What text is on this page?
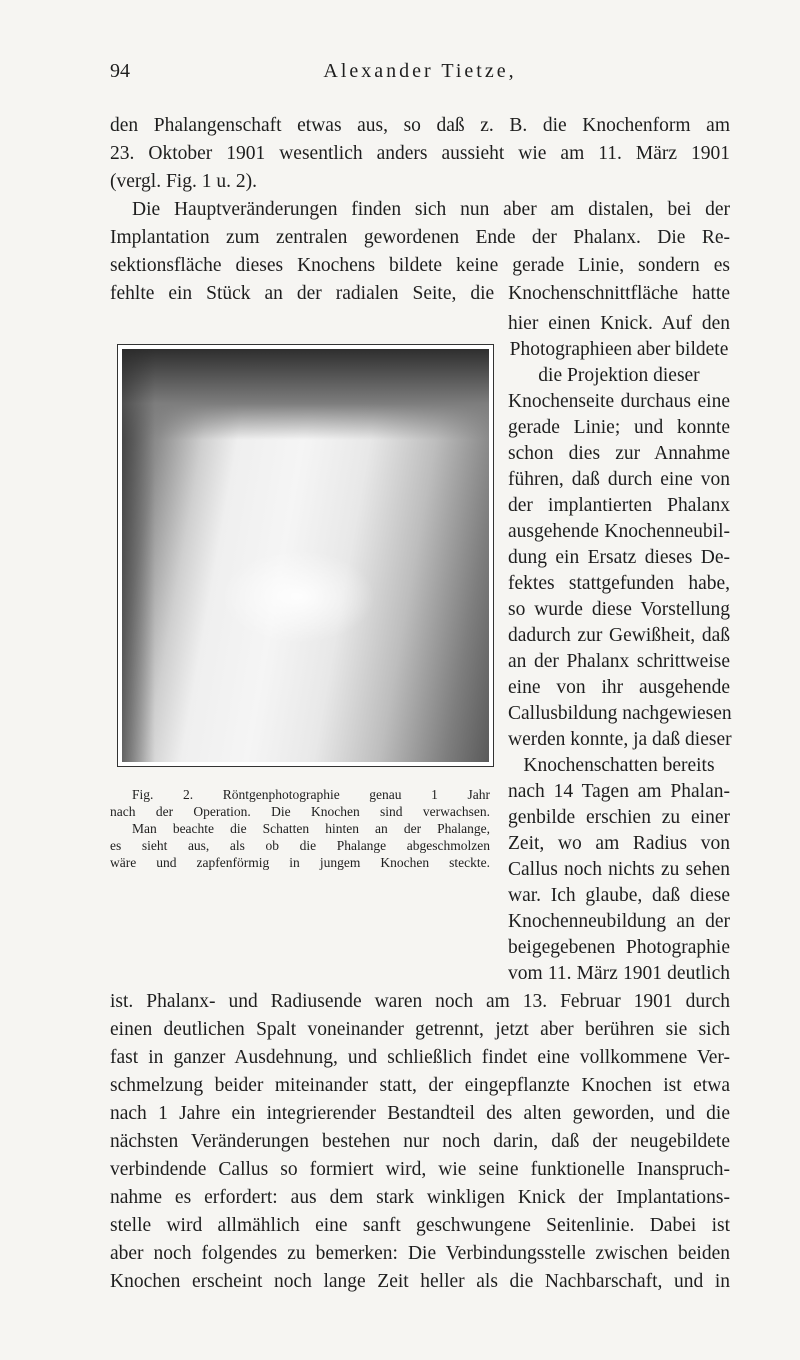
94	Alexander Tietze,
den Phalangenschaft etwas aus, so daß z. B. die Knochenform am
23. Oktober 1901 wesentlich anders aussieht wie am 11. März 1901
(vergl. Fig. 1 u. 2).
Die Hauptveränderungen finden sich nun aber am distalen, bei der
Implantation zum zentralen gewordenen Ende der Phalanx. Die Re-
sektionsfläche dieses Knochens bildete keine gerade Linie, sondern es
fehlte ein Stück an der radialen Seite, die Knochenschnittfläche hatte
Fig. 2. Röntgenphotographie genau 1 Jahr
nach der Operation. Die Knochen sind verwachsen.
Man beachte die Schatten hinten an der Phalange,
es sieht aus, als ob die Phalange abgeschmolzen
wäre und zapfenförmig in jungem Knochen steckte.
hier einen Knick. Auf den
Photographieen aber bildete
die Projektion dieser
Knochenseite durchaus eine
gerade Linie; und konnte
schon dies zur Annahme
führen, daß durch eine von
der implantierten Phalanx
ausgehende Knochenneubil-
dung ein Ersatz dieses De-
fektes stattgefunden habe,
so wurde diese Vorstellung
dadurch zur Gewißheit, daß
an der Phalanx schrittweise
eine von ihr ausgehende
Callusbildung nachgewiesen
werden konnte, ja daß dieser
Knochenschatten bereits
nach 14 Tagen am Phalan-
genbilde erschien zu einer
Zeit, wo am Radius von
Callus noch nichts zu sehen
war. Ich glaube, daß diese
Knochenneubildung an der
beigegebenen Photographie
vom 11. März 1901 deutlich
ist. Phalanx- und Radiusende waren noch am 13. Februar 1901 durch
einen deutlichen Spalt voneinander getrennt, jetzt aber berühren sie sich
fast in ganzer Ausdehnung, und schließlich findet eine vollkommene Ver-
schmelzung beider miteinander statt, der eingepflanzte Knochen ist etwa
nach 1 Jahre ein integrierender Bestandteil des alten geworden, und die
nächsten Veränderungen bestehen nur noch darin, daß der neugebildete
verbindende Callus so formiert wird, wie seine funktionelle Inanspruch-
nahme es erfordert: aus dem stark winkligen Knick der Implantations-
stelle wird allmählich eine sanft geschwungene Seitenlinie. Dabei ist
aber noch folgendes zu bemerken: Die Verbindungsstelle zwischen beiden
Knochen erscheint noch lange Zeit heller als die Nachbarschaft, und in
